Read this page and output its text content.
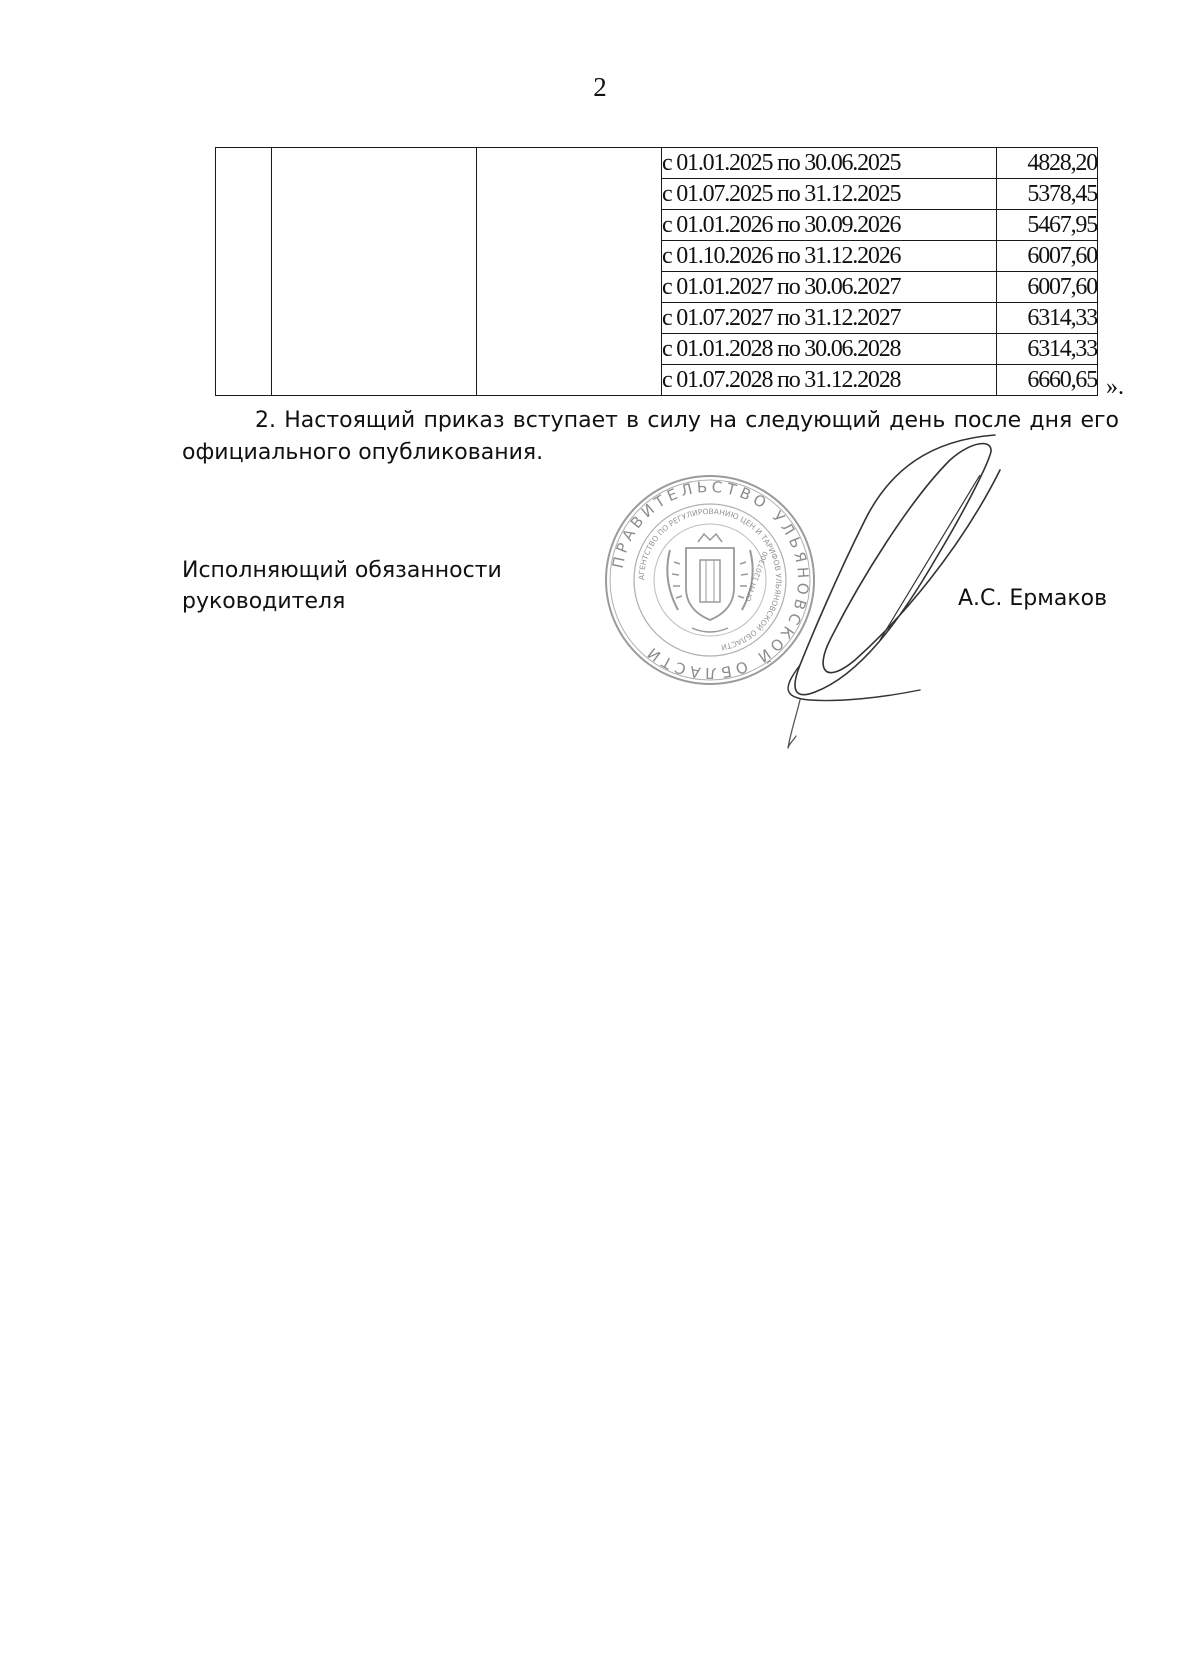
2
			с 01.01.2025 по 30.06.2025	4828,20
			с 01.07.2025 по 31.12.2025	5378,45
			с 01.01.2026 по 30.09.2026	5467,95
			с 01.10.2026 по 31.12.2026	6007,60
			с 01.01.2027 по 30.06.2027	6007,60
			с 01.07.2027 по 31.12.2027	6314,33
			с 01.01.2028 по 30.06.2028	6314,33
			с 01.07.2028 по 31.12.2028	6660,65 ».

2. Настоящий приказ вступает в силу на следующий день после дня его официального опубликования.

ПРАВИТЕЛЬСТВО УЛЬЯНОВСКОЙ ОБЛАСТИ
АГЕНТСТВО ПО РЕГУЛИРОВАНИЮ ЦЕН И ТАРИФОВ УЛЬЯНОВСКОЙ ОБЛАСТИ
ОГРН 1207300
Исполняющий обязанности
руководителя	А.С. Ермаков
